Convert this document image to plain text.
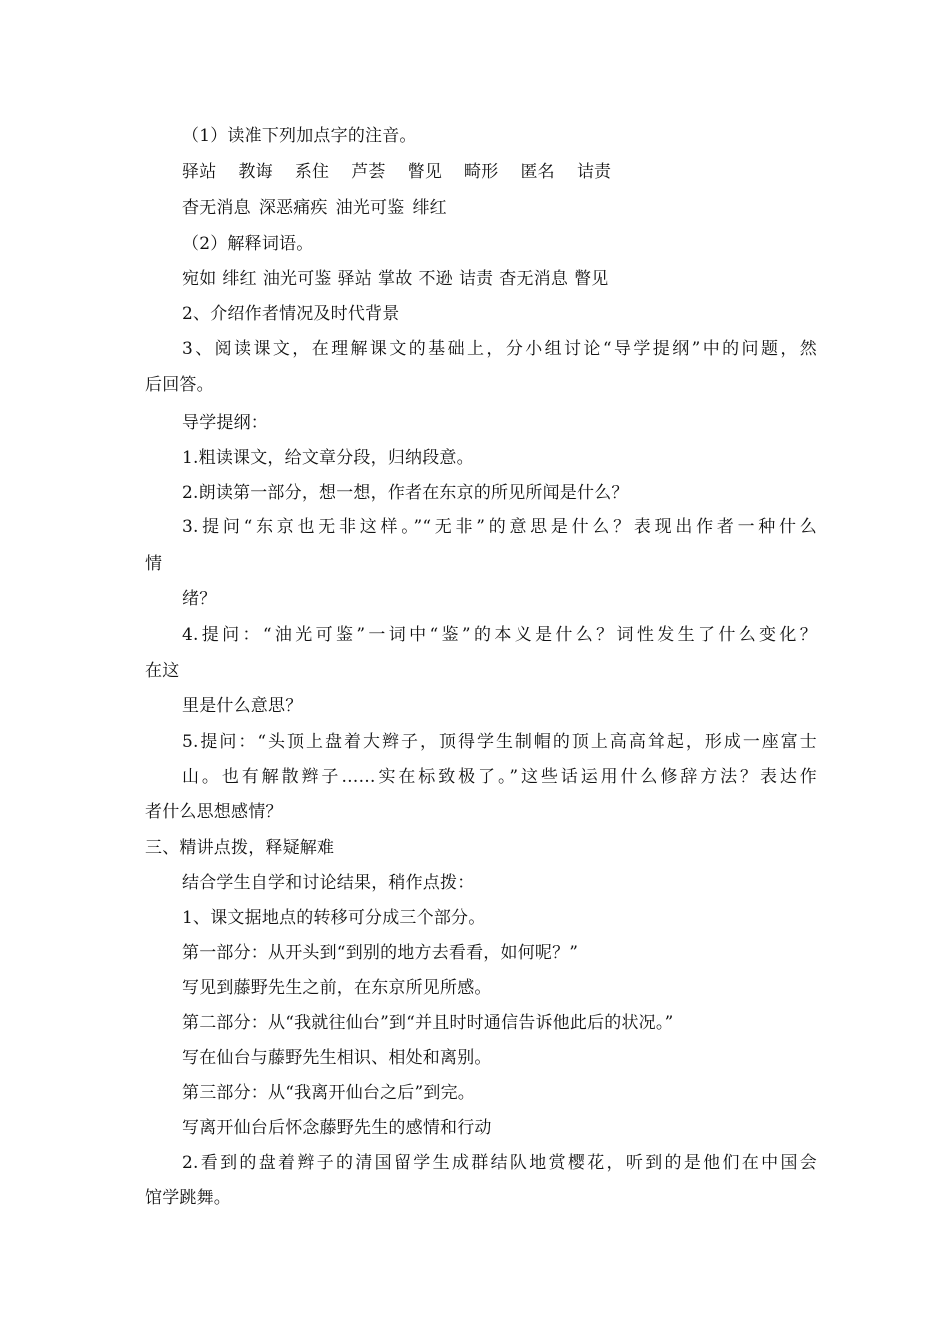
（1）读准下列加点字的注音。
驿站 教诲 系住 芦荟 瞥见 畸形 匿名 诘责
杳无消息 深恶痛疾 油光可鉴 绯红
（2）解释词语。
宛如 绯红 油光可鉴 驿站 掌故 不逊 诘责 杳无消息 瞥见
2、介绍作者情况及时代背景
3、阅读课文，在理解课文的基础上，分小组讨论“导学提纲”中的问题，然
后回答。
导学提纲：
1.粗读课文，给文章分段，归纳段意。
2.朗读第一部分，想一想，作者在东京的所见所闻是什么？
3.提问“东京也无非这样。”“无非”的意思是什么？表现出作者一种什么
情
绪？
4.提问：“油光可鉴”一词中“鉴”的本义是什么？词性发生了什么变化？
在这
里是什么意思？
5.提问：“头顶上盘着大辫子，顶得学生制帽的顶上高高耸起，形成一座富士
山。也有解散辫子……实在标致极了。”这些话运用什么修辞方法？表达作
者什么思想感情？
三、精讲点拨，释疑解难
结合学生自学和讨论结果，稍作点拨：
1、课文据地点的转移可分成三个部分。
第一部分：从开头到“到别的地方去看看，如何呢？”
写见到藤野先生之前，在东京所见所感。
第二部分：从“我就往仙台”到“并且时时通信告诉他此后的状况。”
写在仙台与藤野先生相识、相处和离别。
第三部分：从“我离开仙台之后”到完。
写离开仙台后怀念藤野先生的感情和行动
2.看到的盘着辫子的清国留学生成群结队地赏樱花，听到的是他们在中国会
馆学跳舞。
